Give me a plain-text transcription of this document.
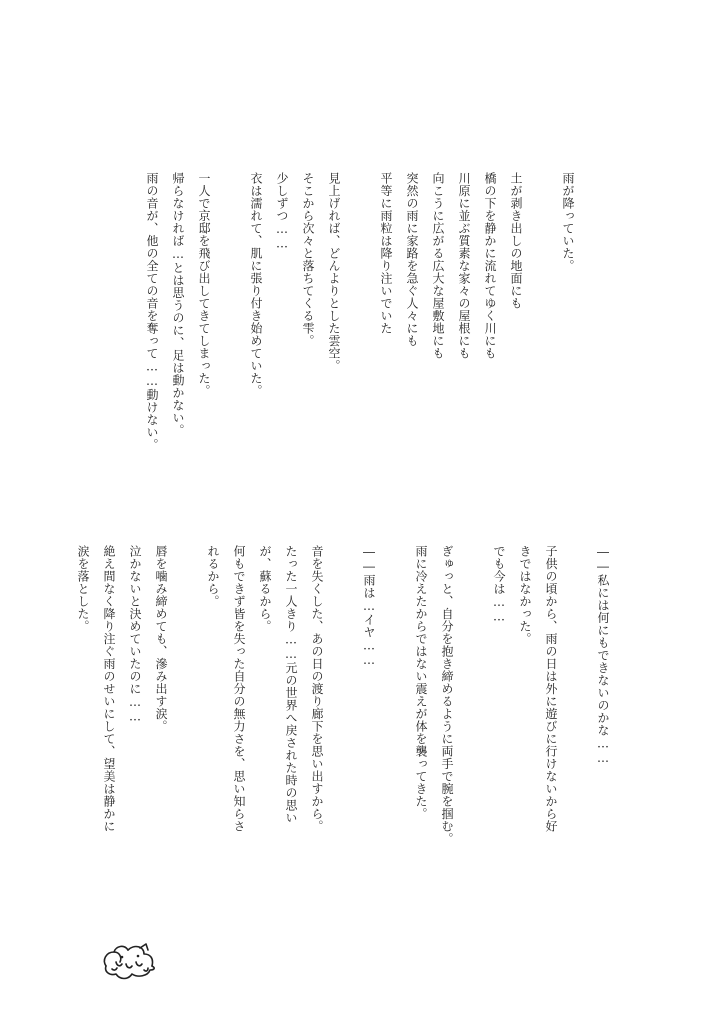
雨が降っていた。
土が剥き出しの地面にも
橋の下を静かに流れてゆく川にも
川原に並ぶ質素な家々の屋根にも
向こうに広がる広大な屋敷地にも
突然の雨に家路を急ぐ人々にも
平等に雨粒は降り注いでいた
見上げれば、どんよりとした雲空。
そこから次々と落ちてくる雫。
少しずつ……
衣は濡れて、肌に張り付き始めていた。
一人で京邸を飛び出してきてしまった。
帰らなければ…とは思うのに、足は動かない。
雨の音が、他の全ての音を奪って……動けない。
――私には何にもできないのかな……
子供の頃から、雨の日は外に遊びに行けないから好
きではなかった。
でも今は……
ぎゅっと、自分を抱き締めるように両手で腕を掴む。
雨に冷えたからではない震えが体を襲ってきた。
――雨は…イヤ……
音を失くした、あの日の渡り廊下を思い出すから。
たった一人きり……元の世界へ戻された時の思い
が、蘇るから。
何もできず皆を失った自分の無力さを、思い知らさ
れるから。
唇を噛み締めても、滲み出す涙。
泣かないと決めていたのに……
絶え間なく降り注ぐ雨のせいにして、望美は静かに
涙を落とした。
